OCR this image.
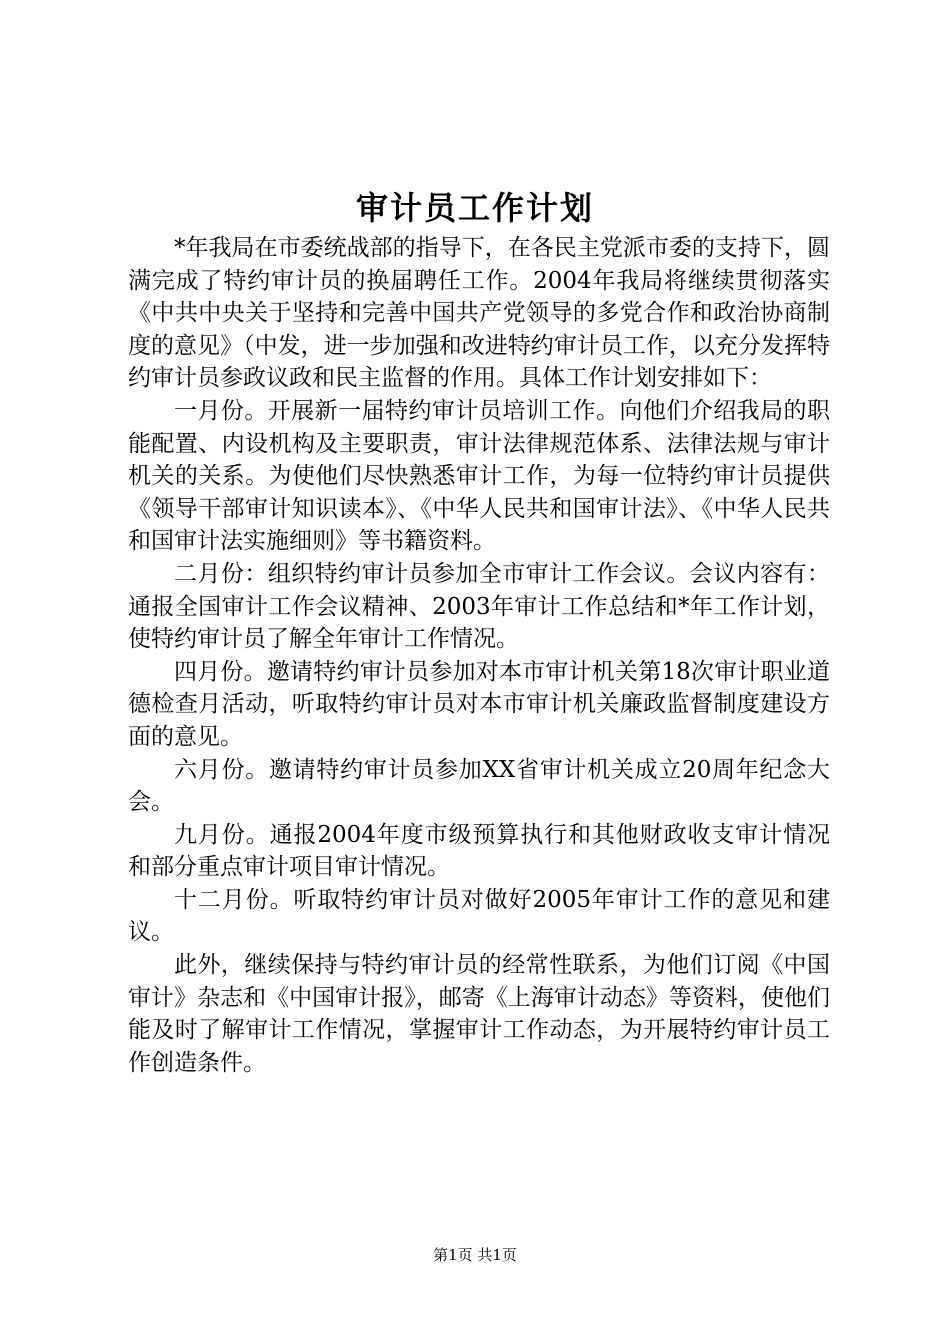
审计员工作计划

*年我局在市委统战部的指导下，在各民主党派市委的支持下，圆满完成了特约审计员的换届聘任工作。2004年我局将继续贯彻落实《中共中央关于坚持和完善中国共产党领导的多党合作和政治协商制度的意见》（中发，进一步加强和改进特约审计员工作，以充分发挥特约审计员参政议政和民主监督的作用。具体工作计划安排如下：

一月份。开展新一届特约审计员培训工作。向他们介绍我局的职能配置、内设机构及主要职责，审计法律规范体系、法律法规与审计机关的关系。为使他们尽快熟悉审计工作，为每一位特约审计员提供《领导干部审计知识读本》、《中华人民共和国审计法》、《中华人民共和国审计法实施细则》等书籍资料。

二月份：组织特约审计员参加全市审计工作会议。会议内容有：通报全国审计工作会议精神、2003年审计工作总结和*年工作计划，使特约审计员了解全年审计工作情况。

四月份。邀请特约审计员参加对本市审计机关第18次审计职业道德检查月活动，听取特约审计员对本市审计机关廉政监督制度建设方面的意见。

六月份。邀请特约审计员参加XX省审计机关成立20周年纪念大会。

九月份。通报2004年度市级预算执行和其他财政收支审计情况和部分重点审计项目审计情况。

十二月份。听取特约审计员对做好2005年审计工作的意见和建议。

此外，继续保持与特约审计员的经常性联系，为他们订阅《中国审计》杂志和《中国审计报》，邮寄《上海审计动态》等资料，使他们能及时了解审计工作情况，掌握审计工作动态，为开展特约审计员工作创造条件。

第1页 共1页
